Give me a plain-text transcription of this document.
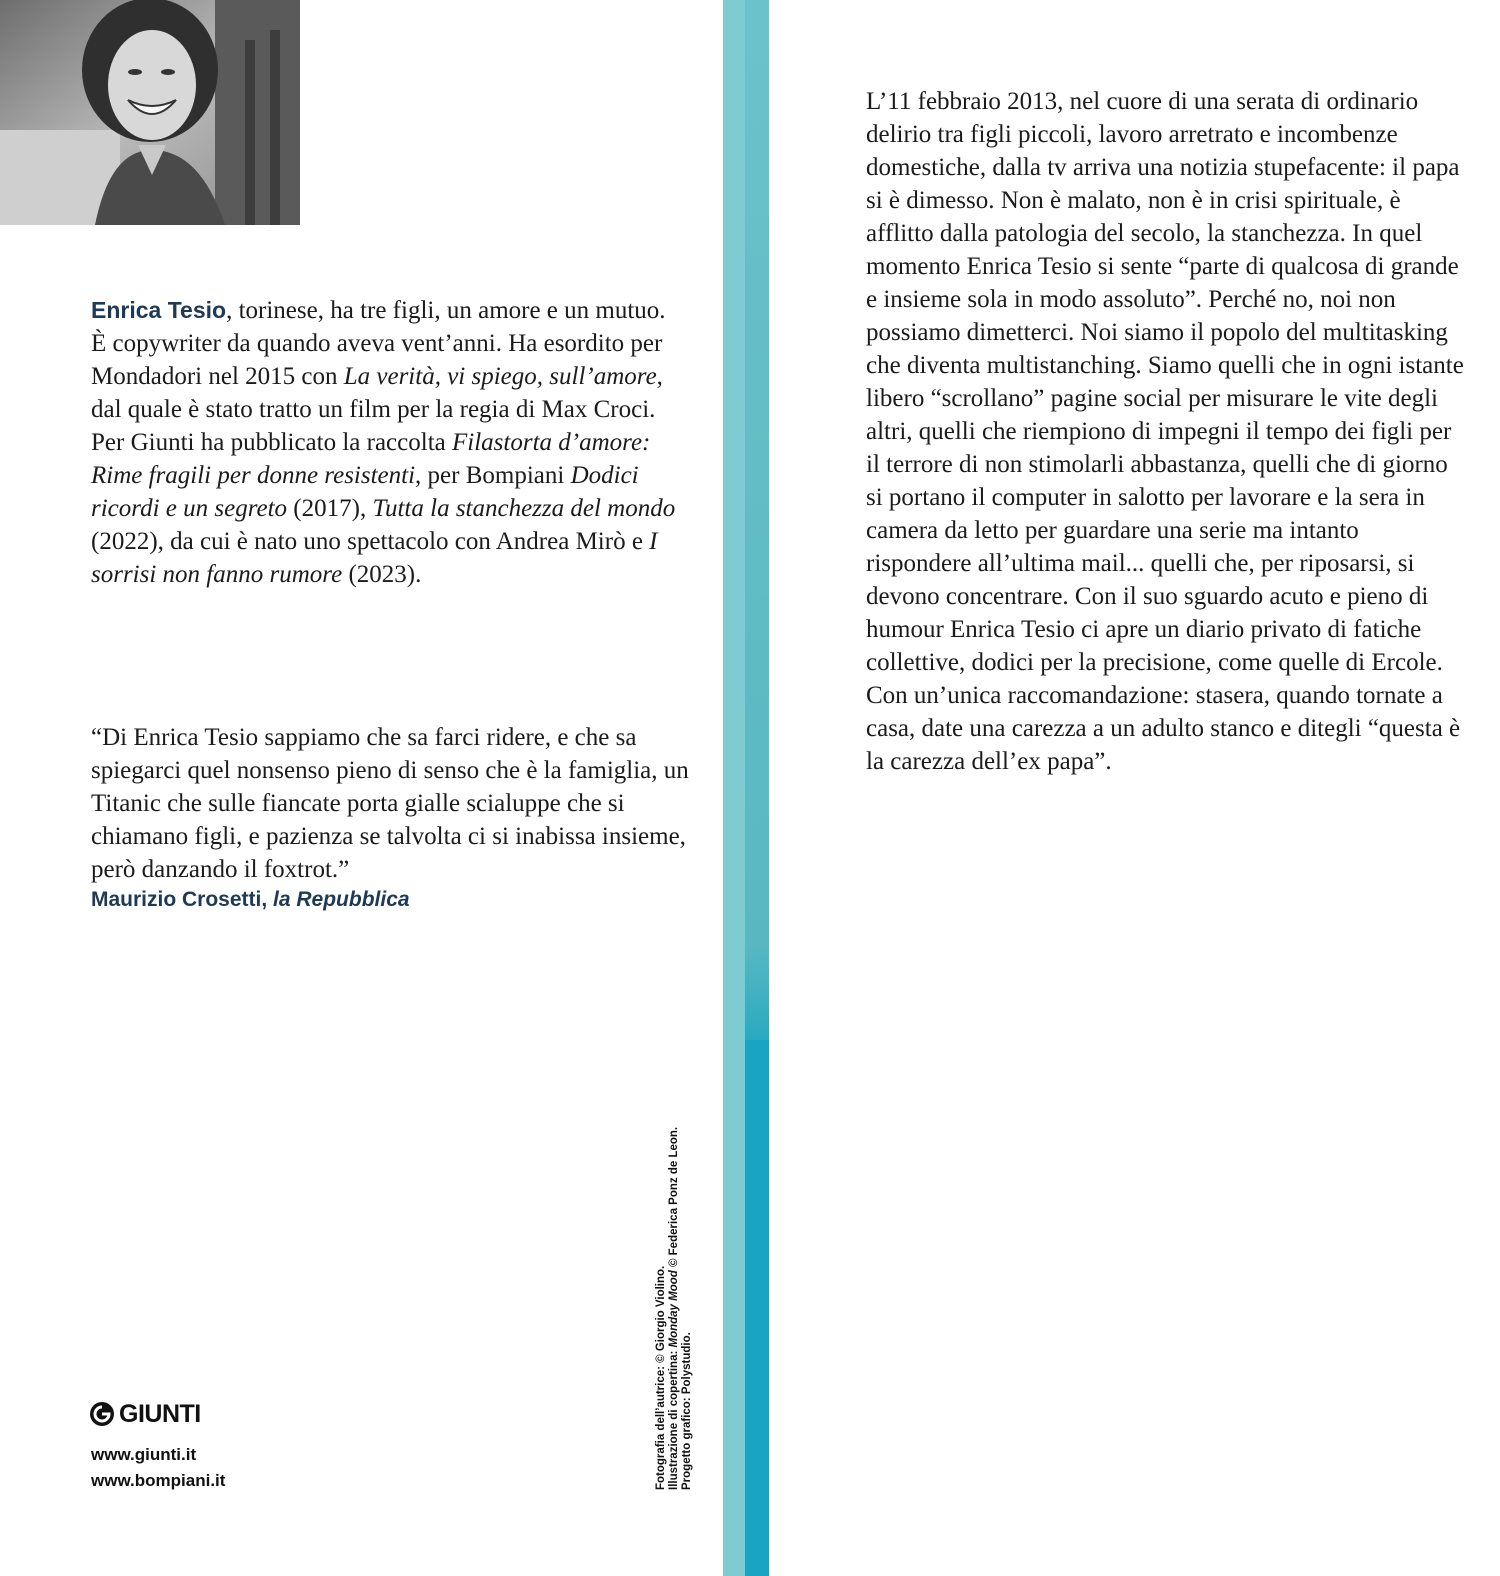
Enrica Tesio, torinese, ha tre figli, un amore e un mutuo. È copywriter da quando aveva vent’anni. Ha esordito per Mondadori nel 2015 con La verità, vi spiego, sull’amore, dal quale è stato tratto un film per la regia di Max Croci. Per Giunti ha pubblicato la raccolta Filastorta d’amore: Rime fragili per donne resistenti, per Bompiani Dodici ricordi e un segreto (2017), Tutta la stanchezza del mondo (2022), da cui è nato uno spettacolo con Andrea Mirò e I sorrisi non fanno rumore (2023).

“Di Enrica Tesio sappiamo che sa farci ridere, e che sa spiegarci quel nonsenso pieno di senso che è la famiglia, un Titanic che sulle fiancate porta gialle scialuppe che si chiamano figli, e pazienza se talvolta ci si inabissa insieme, però danzando il foxtrot.”
Maurizio Crosetti, la Repubblica

GIUNTI
www.giunti.it
www.bompiani.it	Fotografia dell’autrice: © Giorgio Violino. Illustrazione di copertina: Monday Mood © Federica Ponz de Leon.
Progetto grafico: Polystudio.

L’11 febbraio 2013, nel cuore di una serata di ordinario delirio tra figli piccoli, lavoro arretrato e incombenze domestiche, dalla tv arriva una notizia stupefacente: il papa si è dimesso. Non è malato, non è in crisi spirituale, è afflitto dalla patologia del secolo, la stanchezza. In quel momento Enrica Tesio si sente “parte di qualcosa di grande e insieme sola in modo assoluto”. Perché no, noi non possiamo dimetterci. Noi siamo il popolo del multitasking che diventa multistanching. Siamo quelli che in ogni istante libero “scrollano” pagine social per misurare le vite degli altri, quelli che riempiono di impegni il tempo dei figli per il terrore di non stimolarli abbastanza, quelli che di giorno si portano il computer in salotto per lavorare e la sera in camera da letto per guardare una serie ma intanto rispondere all’ultima mail... quelli che, per riposarsi, si devono concentrare. Con il suo sguardo acuto e pieno di humour Enrica Tesio ci apre un diario privato di fatiche collettive, dodici per la precisione, come quelle di Ercole. Con un’unica raccomandazione: stasera, quando tornate a casa, date una carezza a un adulto stanco e ditegli “questa è la carezza dell’ex papa”.
